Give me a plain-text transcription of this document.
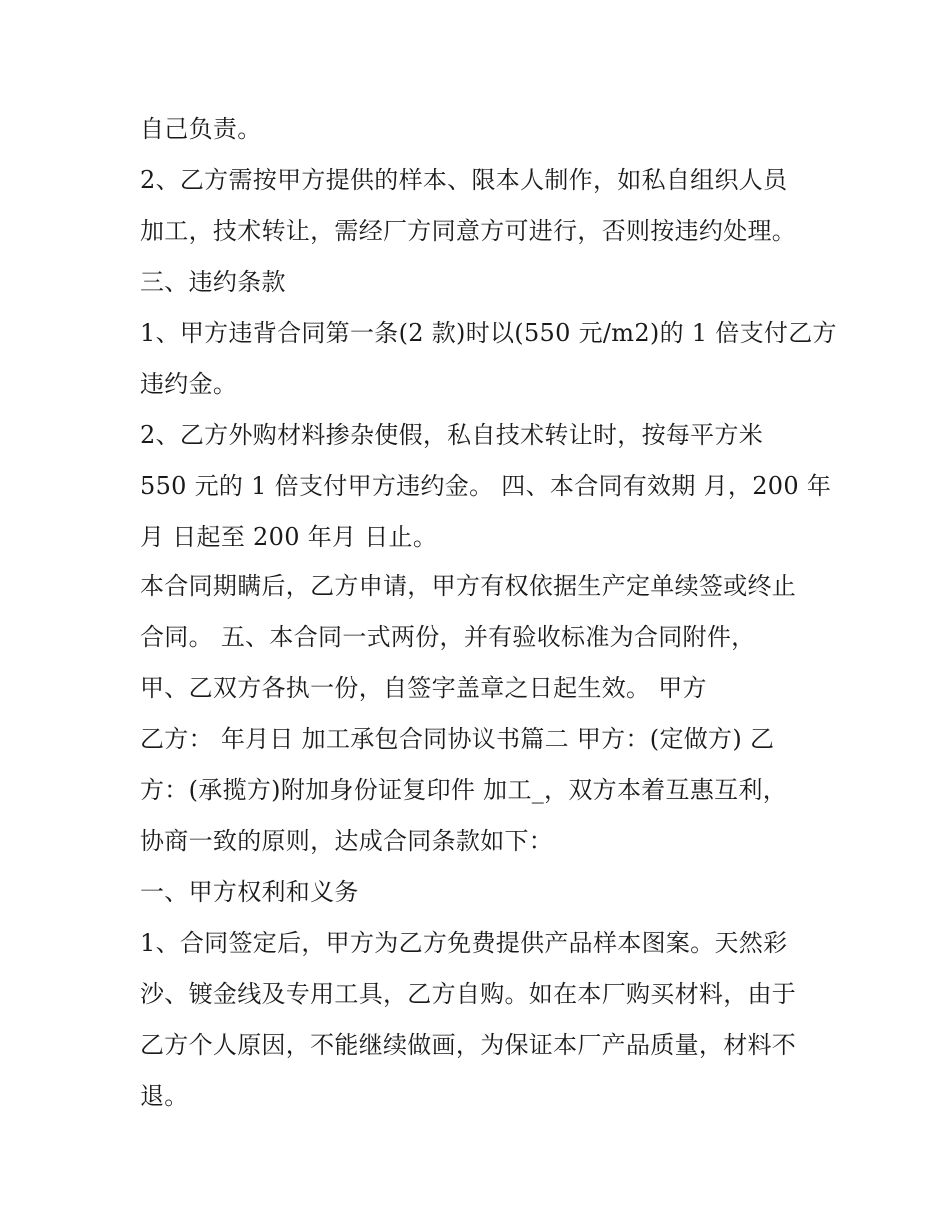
自己负责。
2、乙方需按甲方提供的样本、限本人制作，如私自组织人员
加工，技术转让，需经厂方同意方可进行，否则按违约处理。
三、违约条款
1、甲方违背合同第一条(2 款)时以(550 元/m2)的 1 倍支付乙方
违约金。
2、乙方外购材料掺杂使假，私自技术转让时，按每平方米
550 元的 1 倍支付甲方违约金。 四、本合同有效期 月，200 年
月 日起至 200 年月 日止。
本合同期瞒后，乙方申请，甲方有权依据生产定单续签或终止
合同。 五、本合同一式两份，并有验收标准为合同附件，
甲、乙双方各执一份，自签字盖章之日起生效。 甲方
乙方： 年月日 加工承包合同协议书篇二 甲方：(定做方) 乙
方：(承揽方)附加身份证复印件 加工_，双方本着互惠互利，
协商一致的原则，达成合同条款如下：
一、甲方权利和义务
1、合同签定后，甲方为乙方免费提供产品样本图案。天然彩
沙、镀金线及专用工具，乙方自购。如在本厂购买材料，由于
乙方个人原因，不能继续做画，为保证本厂产品质量，材料不
退。
